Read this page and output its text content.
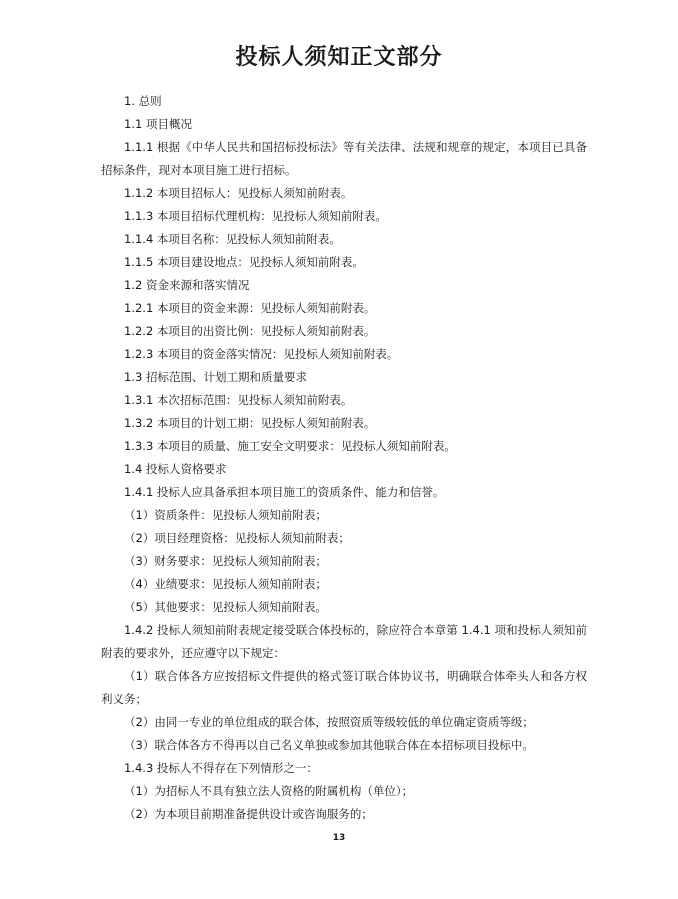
投标人须知正文部分
1. 总则
1.1 项目概况
1.1.1 根据《中华人民共和国招标投标法》等有关法律、法规和规章的规定，本项目已具备招标条件，现对本项目施工进行招标。
1.1.2 本项目招标人：见投标人须知前附表。
1.1.3 本项目招标代理机构：见投标人须知前附表。
1.1.4 本项目名称：见投标人须知前附表。
1.1.5 本项目建设地点：见投标人须知前附表。
1.2 资金来源和落实情况
1.2.1 本项目的资金来源：见投标人须知前附表。
1.2.2 本项目的出资比例：见投标人须知前附表。
1.2.3 本项目的资金落实情况：见投标人须知前附表。
1.3 招标范围、计划工期和质量要求
1.3.1 本次招标范围：见投标人须知前附表。
1.3.2 本项目的计划工期：见投标人须知前附表。
1.3.3 本项目的质量、施工安全文明要求：见投标人须知前附表。
1.4 投标人资格要求
1.4.1 投标人应具备承担本项目施工的资质条件、能力和信誉。
（1）资质条件：见投标人须知前附表；
（2）项目经理资格：见投标人须知前附表；
（3）财务要求：见投标人须知前附表；
（4）业绩要求：见投标人须知前附表；
（5）其他要求：见投标人须知前附表。
1.4.2 投标人须知前附表规定接受联合体投标的，除应符合本章第 1.4.1 项和投标人须知前附表的要求外，还应遵守以下规定：
（1）联合体各方应按招标文件提供的格式签订联合体协议书，明确联合体牵头人和各方权利义务；
（2）由同一专业的单位组成的联合体，按照资质等级较低的单位确定资质等级；
（3）联合体各方不得再以自己名义单独或参加其他联合体在本招标项目投标中。
1.4.3 投标人不得存在下列情形之一：
（1）为招标人不具有独立法人资格的附属机构（单位）；
（2）为本项目前期准备提供设计或咨询服务的；
13
